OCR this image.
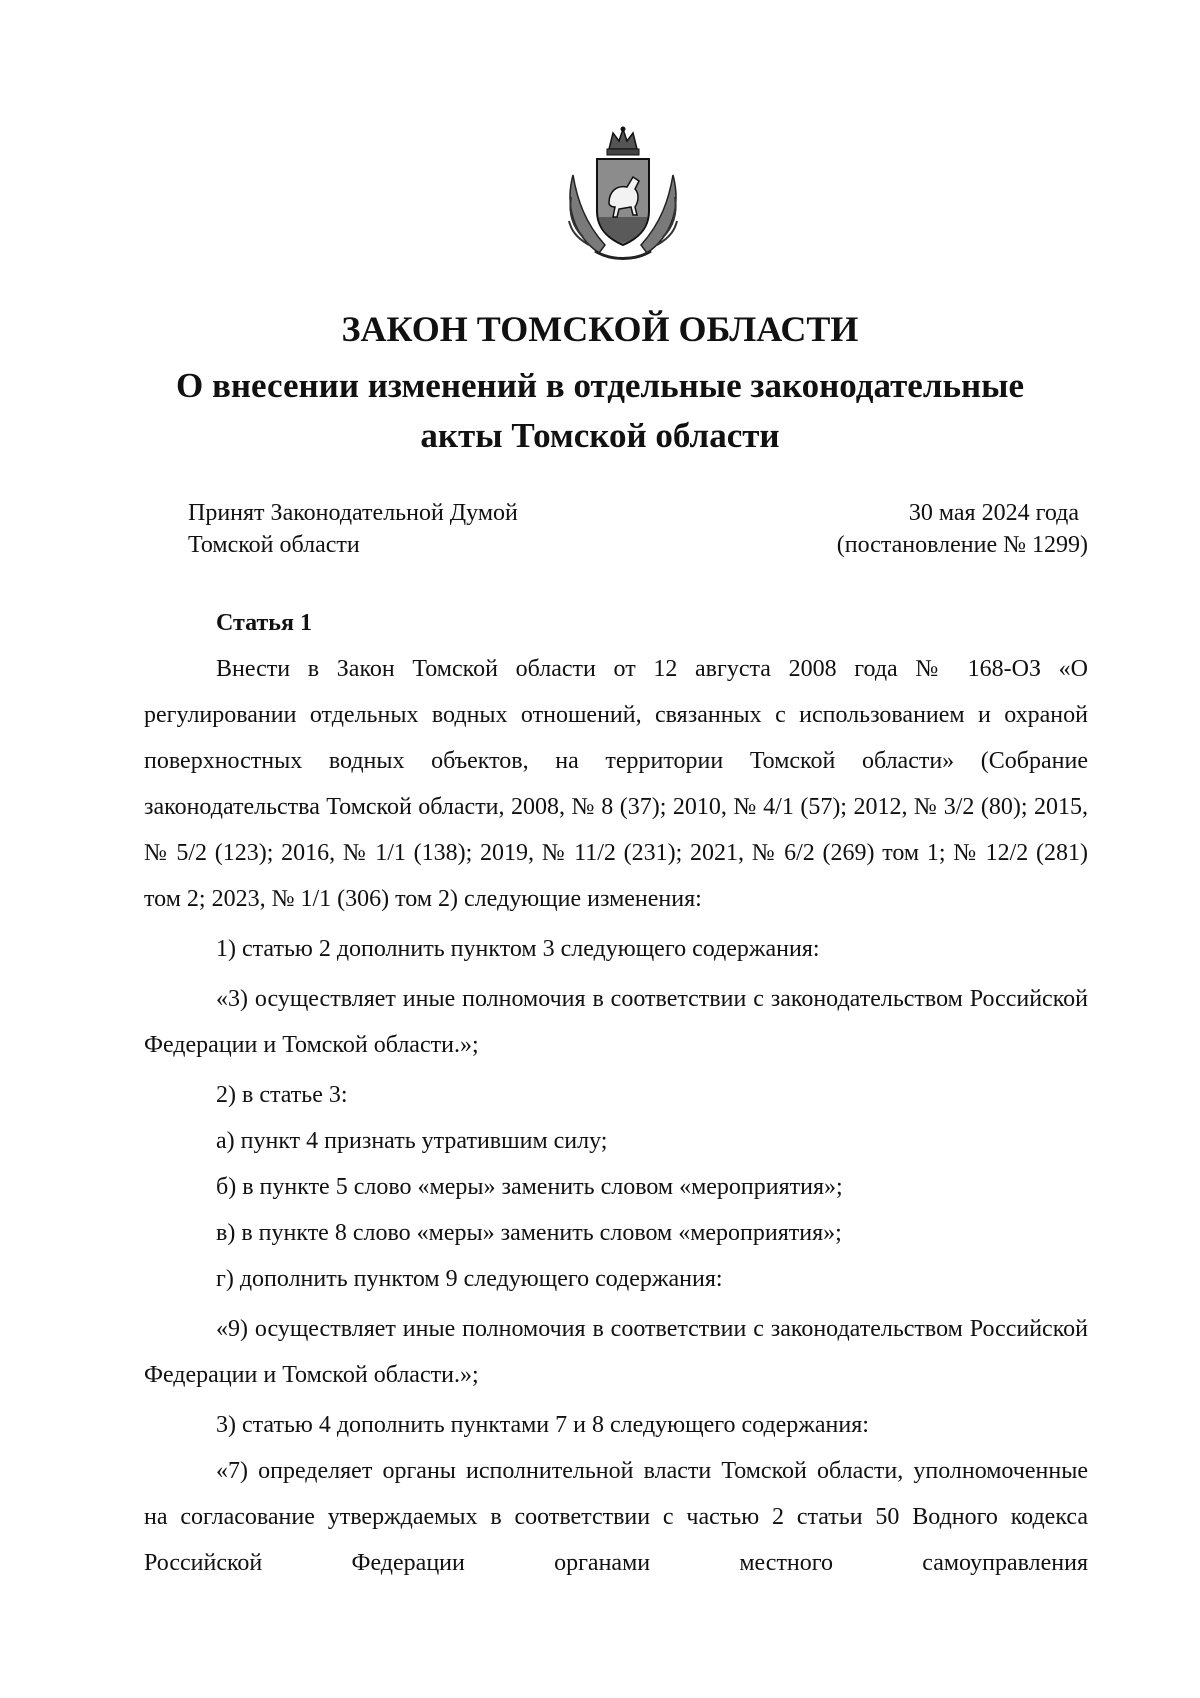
ЗАКОН ТОМСКОЙ ОБЛАСТИ
О внесении изменений в отдельные законодательные
акты Томской области
Принят Законодательной Думой
Томской области
30 мая 2024 года
(постановление № 1299)

Статья 1

Внести в Закон Томской области от 12 августа 2008 года № 168-ОЗ «О регулировании отдельных водных отношений, связанных с использованием и охраной поверхностных водных объектов, на территории Томской области» (Собрание законодательства Томской области, 2008, № 8 (37); 2010, № 4/1 (57); 2012, № 3/2 (80); 2015, № 5/2 (123); 2016, № 1/1 (138); 2019, № 11/2 (231); 2021, № 6/2 (269) том 1; № 12/2 (281) том 2; 2023, № 1/1 (306) том 2) следующие изменения:

1) статью 2 дополнить пунктом 3 следующего содержания:

«3) осуществляет иные полномочия в соответствии с законодательством Российской Федерации и Томской области.»;

2) в статье 3:

а) пункт 4 признать утратившим силу;

б) в пункте 5 слово «меры» заменить словом «мероприятия»;

в) в пункте 8 слово «меры» заменить словом «мероприятия»;

г) дополнить пунктом 9 следующего содержания:

«9) осуществляет иные полномочия в соответствии с законодательством Российской Федерации и Томской области.»;

3) статью 4 дополнить пунктами 7 и 8 следующего содержания:

«7) определяет органы исполнительной власти Томской области, уполномоченные на согласование утверждаемых в соответствии с частью 2 статьи 50 Водного кодекса Российской Федерации органами местного самоуправления
